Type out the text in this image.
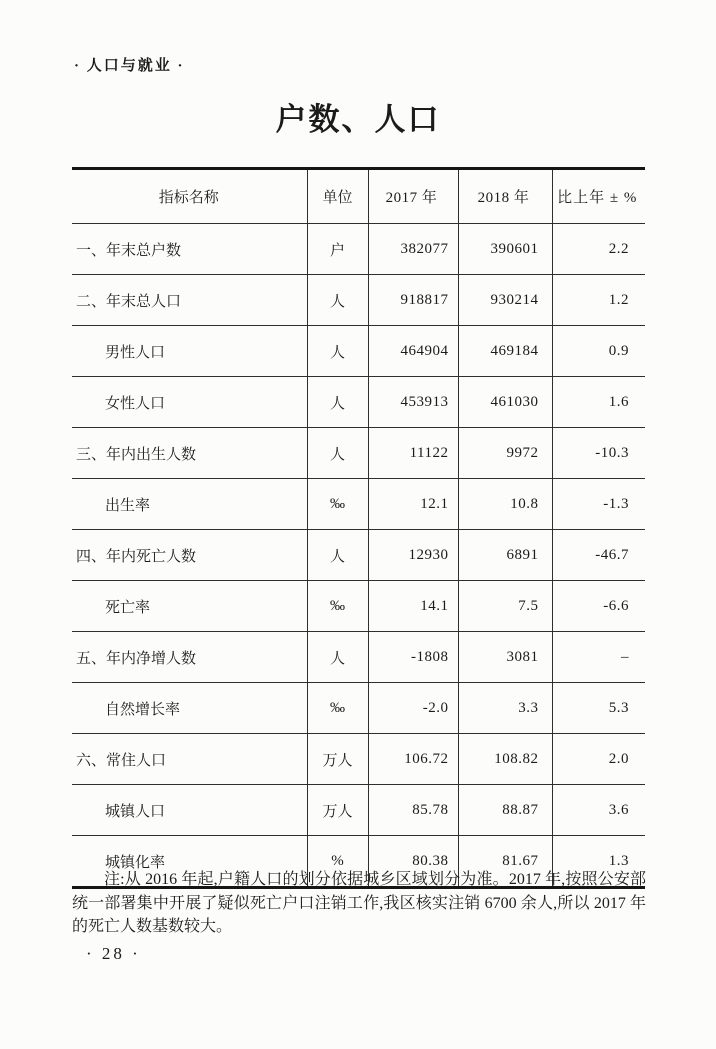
· 人口与就业 ·
户数、人口
指标名称	单位	2017 年	2018 年	比上年 ± %
一、年末总户数	户	382077	390601	2.2
二、年末总人口	人	918817	930214	1.2
男性人口	人	464904	469184	0.9
女性人口	人	453913	461030	1.6
三、年内出生人数	人	11122	9972	-10.3
出生率	‰	12.1	10.8	-1.3
四、年内死亡人数	人	12930	6891	-46.7
死亡率	‰	14.1	7.5	-6.6
五、年内净增人数	人	-1808	3081	–
自然增长率	‰	-2.0	3.3	5.3
六、常住人口	万人	106.72	108.82	2.0
城镇人口	万人	85.78	88.87	3.6
城镇化率	%	80.38	81.67	1.3

注:从 2016 年起,户籍人口的划分依据城乡区域划分为准。2017 年,按照公安部统一部署集中开展了疑似死亡户口注销工作,我区核实注销 6700 余人,所以 2017 年的死亡人数基数较大。

· 28 ·
